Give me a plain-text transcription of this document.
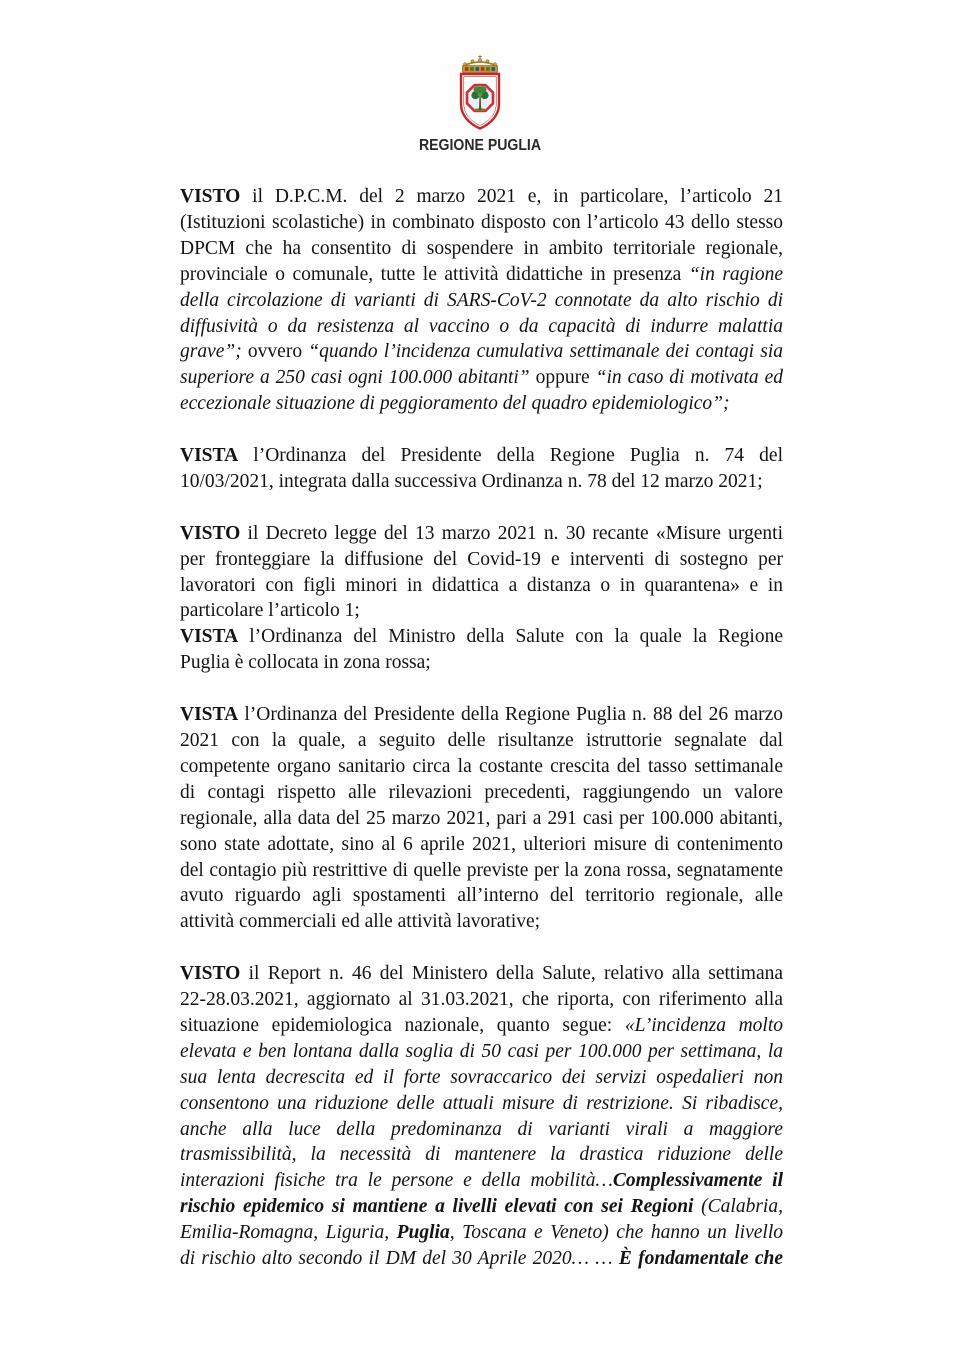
REGIONE PUGLIA
VISTO il D.P.C.M. del 2 marzo 2021 e, in particolare, l’articolo 21
(Istituzioni scolastiche) in combinato disposto con l’articolo 43 dello stesso
DPCM che ha consentito di sospendere in ambito territoriale regionale,
provinciale o comunale, tutte le attività didattiche in presenza “in ragione
della circolazione di varianti di SARS-CoV-2 connotate da alto rischio di
diffusività o da resistenza al vaccino o da capacità di indurre malattia
grave”; ovvero “quando l’incidenza cumulativa settimanale dei contagi sia
superiore a 250 casi ogni 100.000 abitanti” oppure “in caso di motivata ed
eccezionale situazione di peggioramento del quadro epidemiologico”;
VISTA l’Ordinanza del Presidente della Regione Puglia n. 74 del
10/03/2021, integrata dalla successiva Ordinanza n. 78 del 12 marzo 2021;
VISTO il Decreto legge del 13 marzo 2021 n. 30 recante «Misure urgenti
per fronteggiare la diffusione del Covid-19 e interventi di sostegno per
lavoratori con figli minori in didattica a distanza o in quarantena» e in
particolare l’articolo 1;
VISTA l’Ordinanza del Ministro della Salute con la quale la Regione
Puglia è collocata in zona rossa;
VISTA l’Ordinanza del Presidente della Regione Puglia n. 88 del 26 marzo
2021 con la quale, a seguito delle risultanze istruttorie segnalate dal
competente organo sanitario circa la costante crescita del tasso settimanale
di contagi rispetto alle rilevazioni precedenti, raggiungendo un valore
regionale, alla data del 25 marzo 2021, pari a 291 casi per 100.000 abitanti,
sono state adottate, sino al 6 aprile 2021, ulteriori misure di contenimento
del contagio più restrittive di quelle previste per la zona rossa, segnatamente
avuto riguardo agli spostamenti all’interno del territorio regionale, alle
attività commerciali ed alle attività lavorative;
VISTO il Report n. 46 del Ministero della Salute, relativo alla settimana
22-28.03.2021, aggiornato al 31.03.2021, che riporta, con riferimento alla
situazione epidemiologica nazionale, quanto segue: «L’incidenza molto
elevata e ben lontana dalla soglia di 50 casi per 100.000 per settimana, la
sua lenta decrescita ed il forte sovraccarico dei servizi ospedalieri non
consentono una riduzione delle attuali misure di restrizione. Si ribadisce,
anche alla luce della predominanza di varianti virali a maggiore
trasmissibilità, la necessità di mantenere la drastica riduzione delle
interazioni fisiche tra le persone e della mobilità…Complessivamente il
rischio epidemico si mantiene a livelli elevati con sei Regioni (Calabria,
Emilia-Romagna, Liguria, Puglia, Toscana e Veneto) che hanno un livello
di rischio alto secondo il DM del 30 Aprile 2020… … È fondamentale che
